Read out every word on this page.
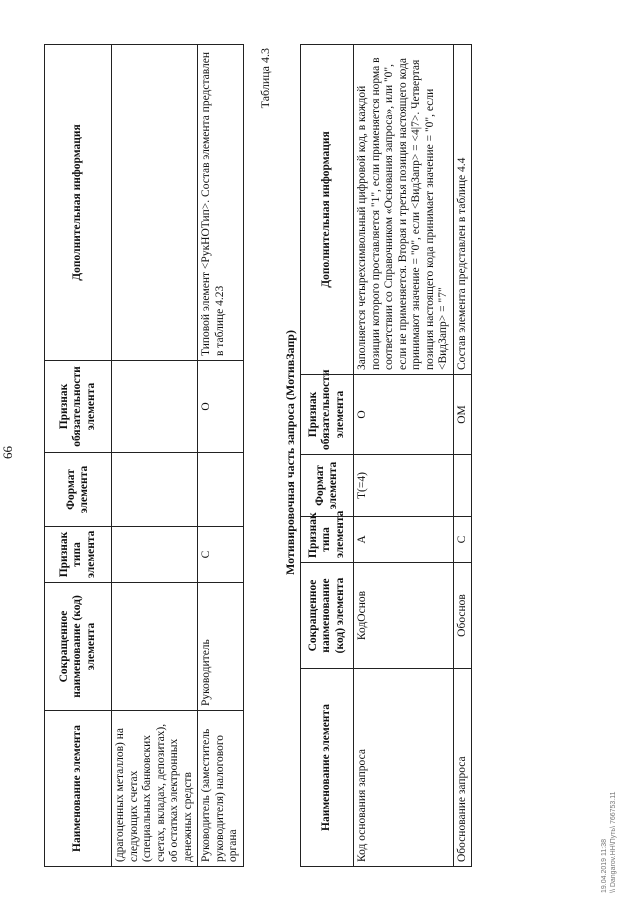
66
Наименование элемента	Сокращенное наименование (код) элемента	Признак типа элемента	Формат элемента	Признак обязательности элемента	Дополнительная информация
(драгоценных металлов) на следующих счетах (специальных банковских счетах, вкладах, депозитах), об остатках электронных денежных средств					
Руководитель (заместитель руководителя) налогового органа	Руководитель	С		О	Типовой элемент <РукНОТип>. Состав элемента представлен в таблице 4.23
Таблица 4.3
Мотивировочная часть запроса (МотивЗапр)
Наименование элемента	Сокращенное наименование (код) элемента	Признак типа элемента	Формат элемента	Признак обязательности элемента	Дополнительная информация
Код основания запроса	КодОснов	А	T(=4)	О	Заполняется четырехсимвольный цифровой код, в каждой позиции которого проставляется "1", если применяется норма в соответствии со Справочником «Основания запроса», или "0", если не применяется. Вторая и третья позиция настоящего кода принимают значение = "0", если <ВидЗапр> = <4|7>. Четвертая позиция настоящего кода принимает значение = "0", если <ВидЗапр> = "7"
Обоснование запроса	Обоснов	С		ОМ	Состав элемента представлен в таблице 4.4
19.04.2019 11:38 \\ Dangarov.HH\Путь\ 766753.11
